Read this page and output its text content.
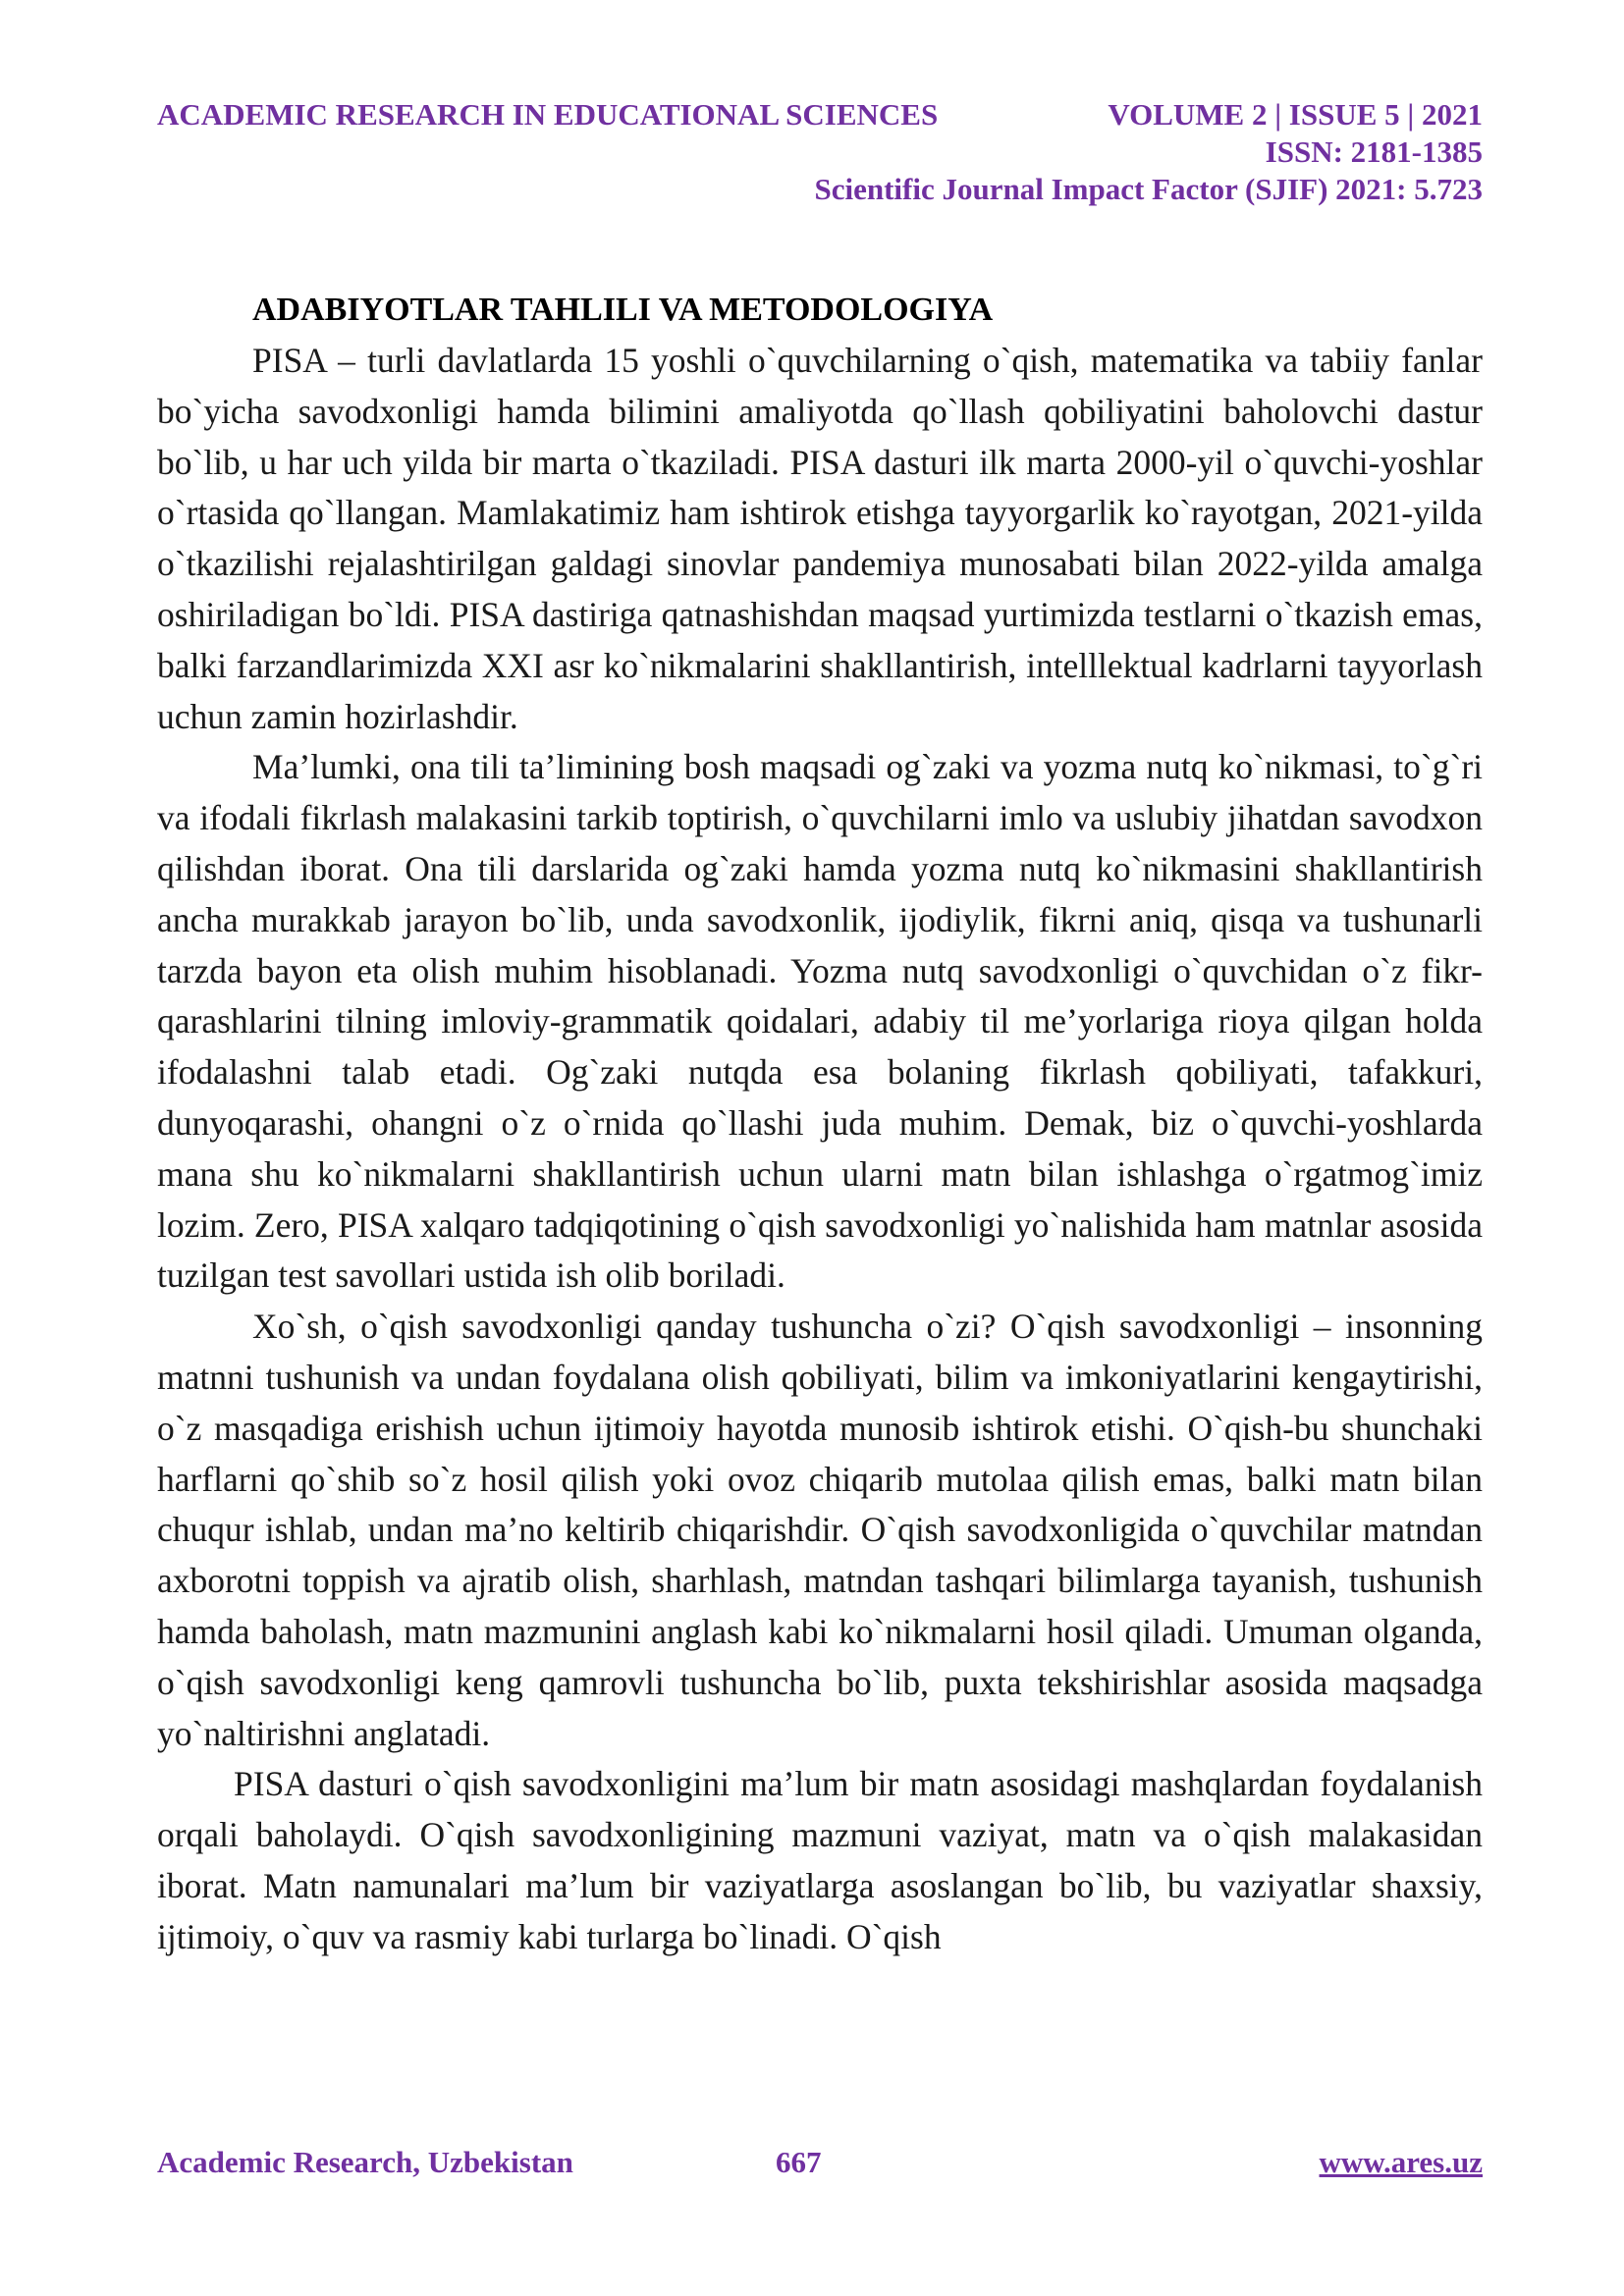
ACADEMIC RESEARCH IN EDUCATIONAL SCIENCES	VOLUME 2 | ISSUE 5 | 2021
ISSN: 2181-1385
Scientific Journal Impact Factor (SJIF) 2021: 5.723
ADABIYOTLAR TAHLILI VA METODOLOGIYA

PISA – turli davlatlarda 15 yoshli o`quvchilarning o`qish, matematika va tabiiy fanlar bo`yicha savodxonligi hamda bilimini amaliyotda qo`llash qobiliyatini baholovchi dastur bo`lib, u har uch yilda bir marta o`tkaziladi. PISA dasturi ilk marta 2000-yil o`quvchi-yoshlar o`rtasida qo`llangan. Mamlakatimiz ham ishtirok etishga tayyorgarlik ko`rayotgan, 2021-yilda o`tkazilishi rejalashtirilgan galdagi sinovlar pandemiya munosabati bilan 2022-yilda amalga oshiriladigan bo`ldi. PISA dastiriga qatnashishdan maqsad yurtimizda testlarni o`tkazish emas, balki farzandlarimizda XXI asr ko`nikmalarini shakllantirish, intelllektual kadrlarni tayyorlash uchun zamin hozirlashdir.

Ma’lumki, ona tili ta’limining bosh maqsadi og`zaki va yozma nutq ko`nikmasi, to`g`ri va ifodali fikrlash malakasini tarkib toptirish, o`quvchilarni imlo va uslubiy jihatdan savodxon qilishdan iborat. Ona tili darslarida og`zaki hamda yozma nutq ko`nikmasini shakllantirish ancha murakkab jarayon bo`lib, unda savodxonlik, ijodiylik, fikrni aniq, qisqa va tushunarli tarzda bayon eta olish muhim hisoblanadi. Yozma nutq savodxonligi o`quvchidan o`z fikr-qarashlarini tilning imloviy-grammatik qoidalari, adabiy til me’yorlariga rioya qilgan holda ifodalashni talab etadi. Og`zaki nutqda esa bolaning fikrlash qobiliyati, tafakkuri, dunyoqarashi, ohangni o`z o`rnida qo`llashi juda muhim. Demak, biz o`quvchi-yoshlarda mana shu ko`nikmalarni shakllantirish uchun ularni matn bilan ishlashga o`rgatmog`imiz lozim. Zero, PISA xalqaro tadqiqotining o`qish savodxonligi yo`nalishida ham matnlar asosida tuzilgan test savollari ustida ish olib boriladi.

Xo`sh, o`qish savodxonligi qanday tushuncha o`zi? O`qish savodxonligi – insonning matnni tushunish va undan foydalana olish qobiliyati, bilim va imkoniyatlarini kengaytirishi, o`z masqadiga erishish uchun ijtimoiy hayotda munosib ishtirok etishi. O`qish-bu shunchaki harflarni qo`shib so`z hosil qilish yoki ovoz chiqarib mutolaa qilish emas, balki matn bilan chuqur ishlab, undan ma’no keltirib chiqarishdir. O`qish savodxonligida o`quvchilar matndan axborotni toppish va ajratib olish, sharhlash, matndan tashqari bilimlarga tayanish, tushunish hamda baholash, matn mazmunini anglash kabi ko`nikmalarni hosil qiladi. Umuman olganda, o`qish savodxonligi keng qamrovli tushuncha bo`lib, puxta tekshirishlar asosida maqsadga yo`naltirishni anglatadi.

PISA dasturi o`qish savodxonligini ma’lum bir matn asosidagi mashqlardan foydalanish orqali baholaydi. O`qish savodxonligining mazmuni vaziyat, matn va o`qish malakasidan iborat. Matn namunalari ma’lum bir vaziyatlarga asoslangan bo`lib, bu vaziyatlar shaxsiy, ijtimoiy, o`quv va rasmiy kabi turlarga bo`linadi. O`qish

Academic Research, Uzbekistan	667	www.ares.uz
